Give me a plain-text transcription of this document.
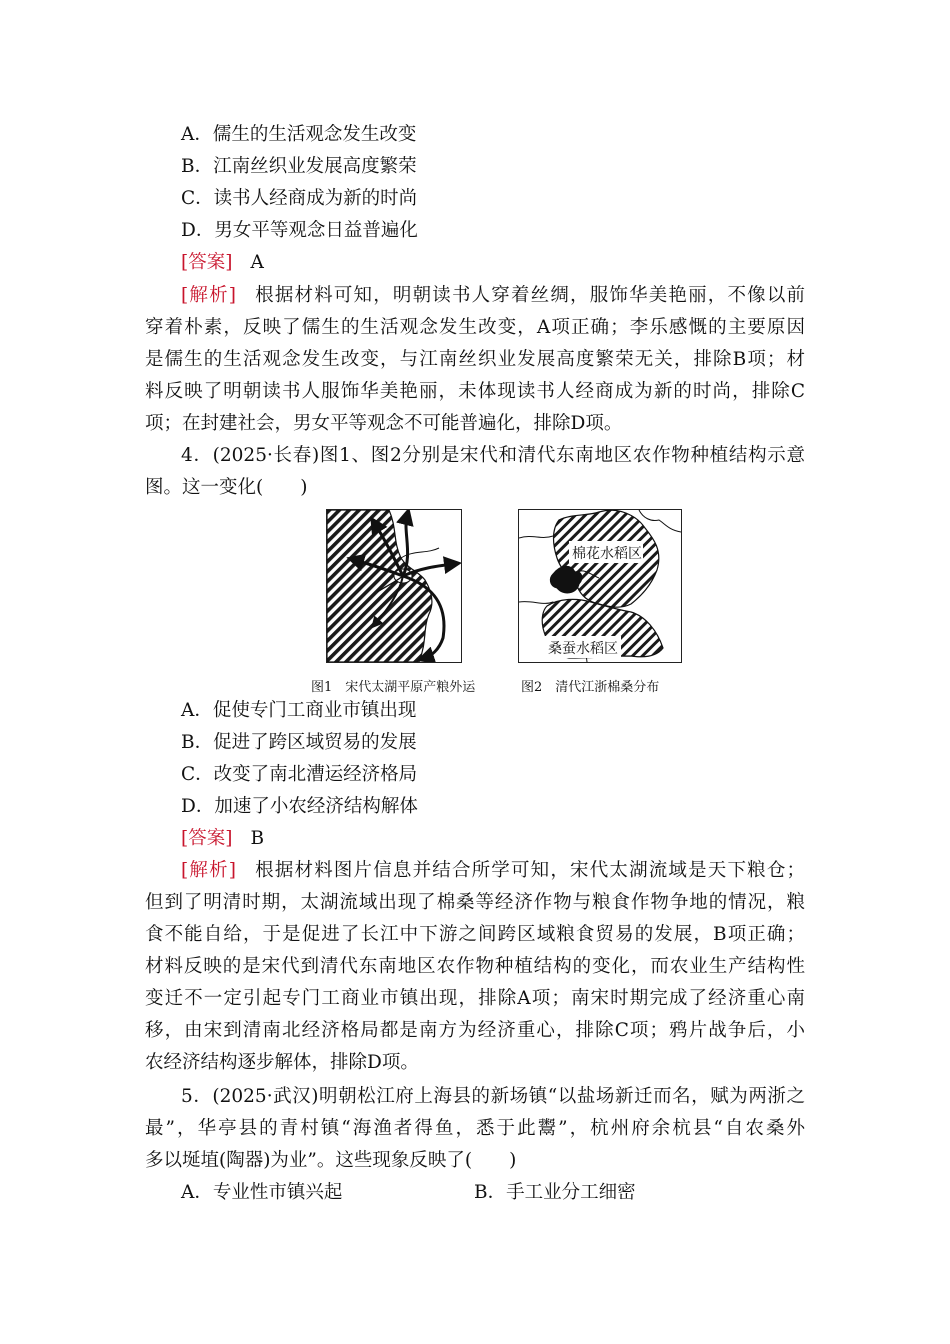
A．儒生的生活观念发生改变
B．江南丝织业发展高度繁荣
C．读书人经商成为新的时尚
D．男女平等观念日益普遍化
[答案] A
[解析] 根据材料可知，明朝读书人穿着丝绸，服饰华美艳丽，不像以前
穿着朴素，反映了儒生的生活观念发生改变，A项正确；李乐感慨的主要原因
是儒生的生活观念发生改变，与江南丝织业发展高度繁荣无关，排除B项；材
料反映了明朝读书人服饰华美艳丽，未体现读书人经商成为新的时尚，排除C
项；在封建社会，男女平等观念不可能普遍化，排除D项。
4．(2025·长春)图1、图2分别是宋代和清代东南地区农作物种植结构示意
图。这一变化(　　)
棉花水稻区
桑蚕水稻区
图1　宋代太湖平原产粮外运	图2　清代江浙棉桑分布
A．促使专门工商业市镇出现
B．促进了跨区域贸易的发展
C．改变了南北漕运经济格局
D．加速了小农经济结构解体
[答案] B
[解析] 根据材料图片信息并结合所学可知，宋代太湖流域是天下粮仓；
但到了明清时期，太湖流域出现了棉桑等经济作物与粮食作物争地的情况，粮
食不能自给，于是促进了长江中下游之间跨区域粮食贸易的发展，B项正确；
材料反映的是宋代到清代东南地区农作物种植结构的变化，而农业生产结构性
变迁不一定引起专门工商业市镇出现，排除A项；南宋时期完成了经济重心南
移，由宋到清南北经济格局都是南方为经济重心，排除C项；鸦片战争后，小
农经济结构逐步解体，排除D项。
5．(2025·武汉)明朝松江府上海县的新场镇“以盐场新迁而名，赋为两浙之
最”，华亭县的青村镇“海渔者得鱼，悉于此鬻”，杭州府余杭县“自农桑外
多以埏埴(陶器)为业”。这些现象反映了(　　)
A．专业性市镇兴起	B．手工业分工细密
